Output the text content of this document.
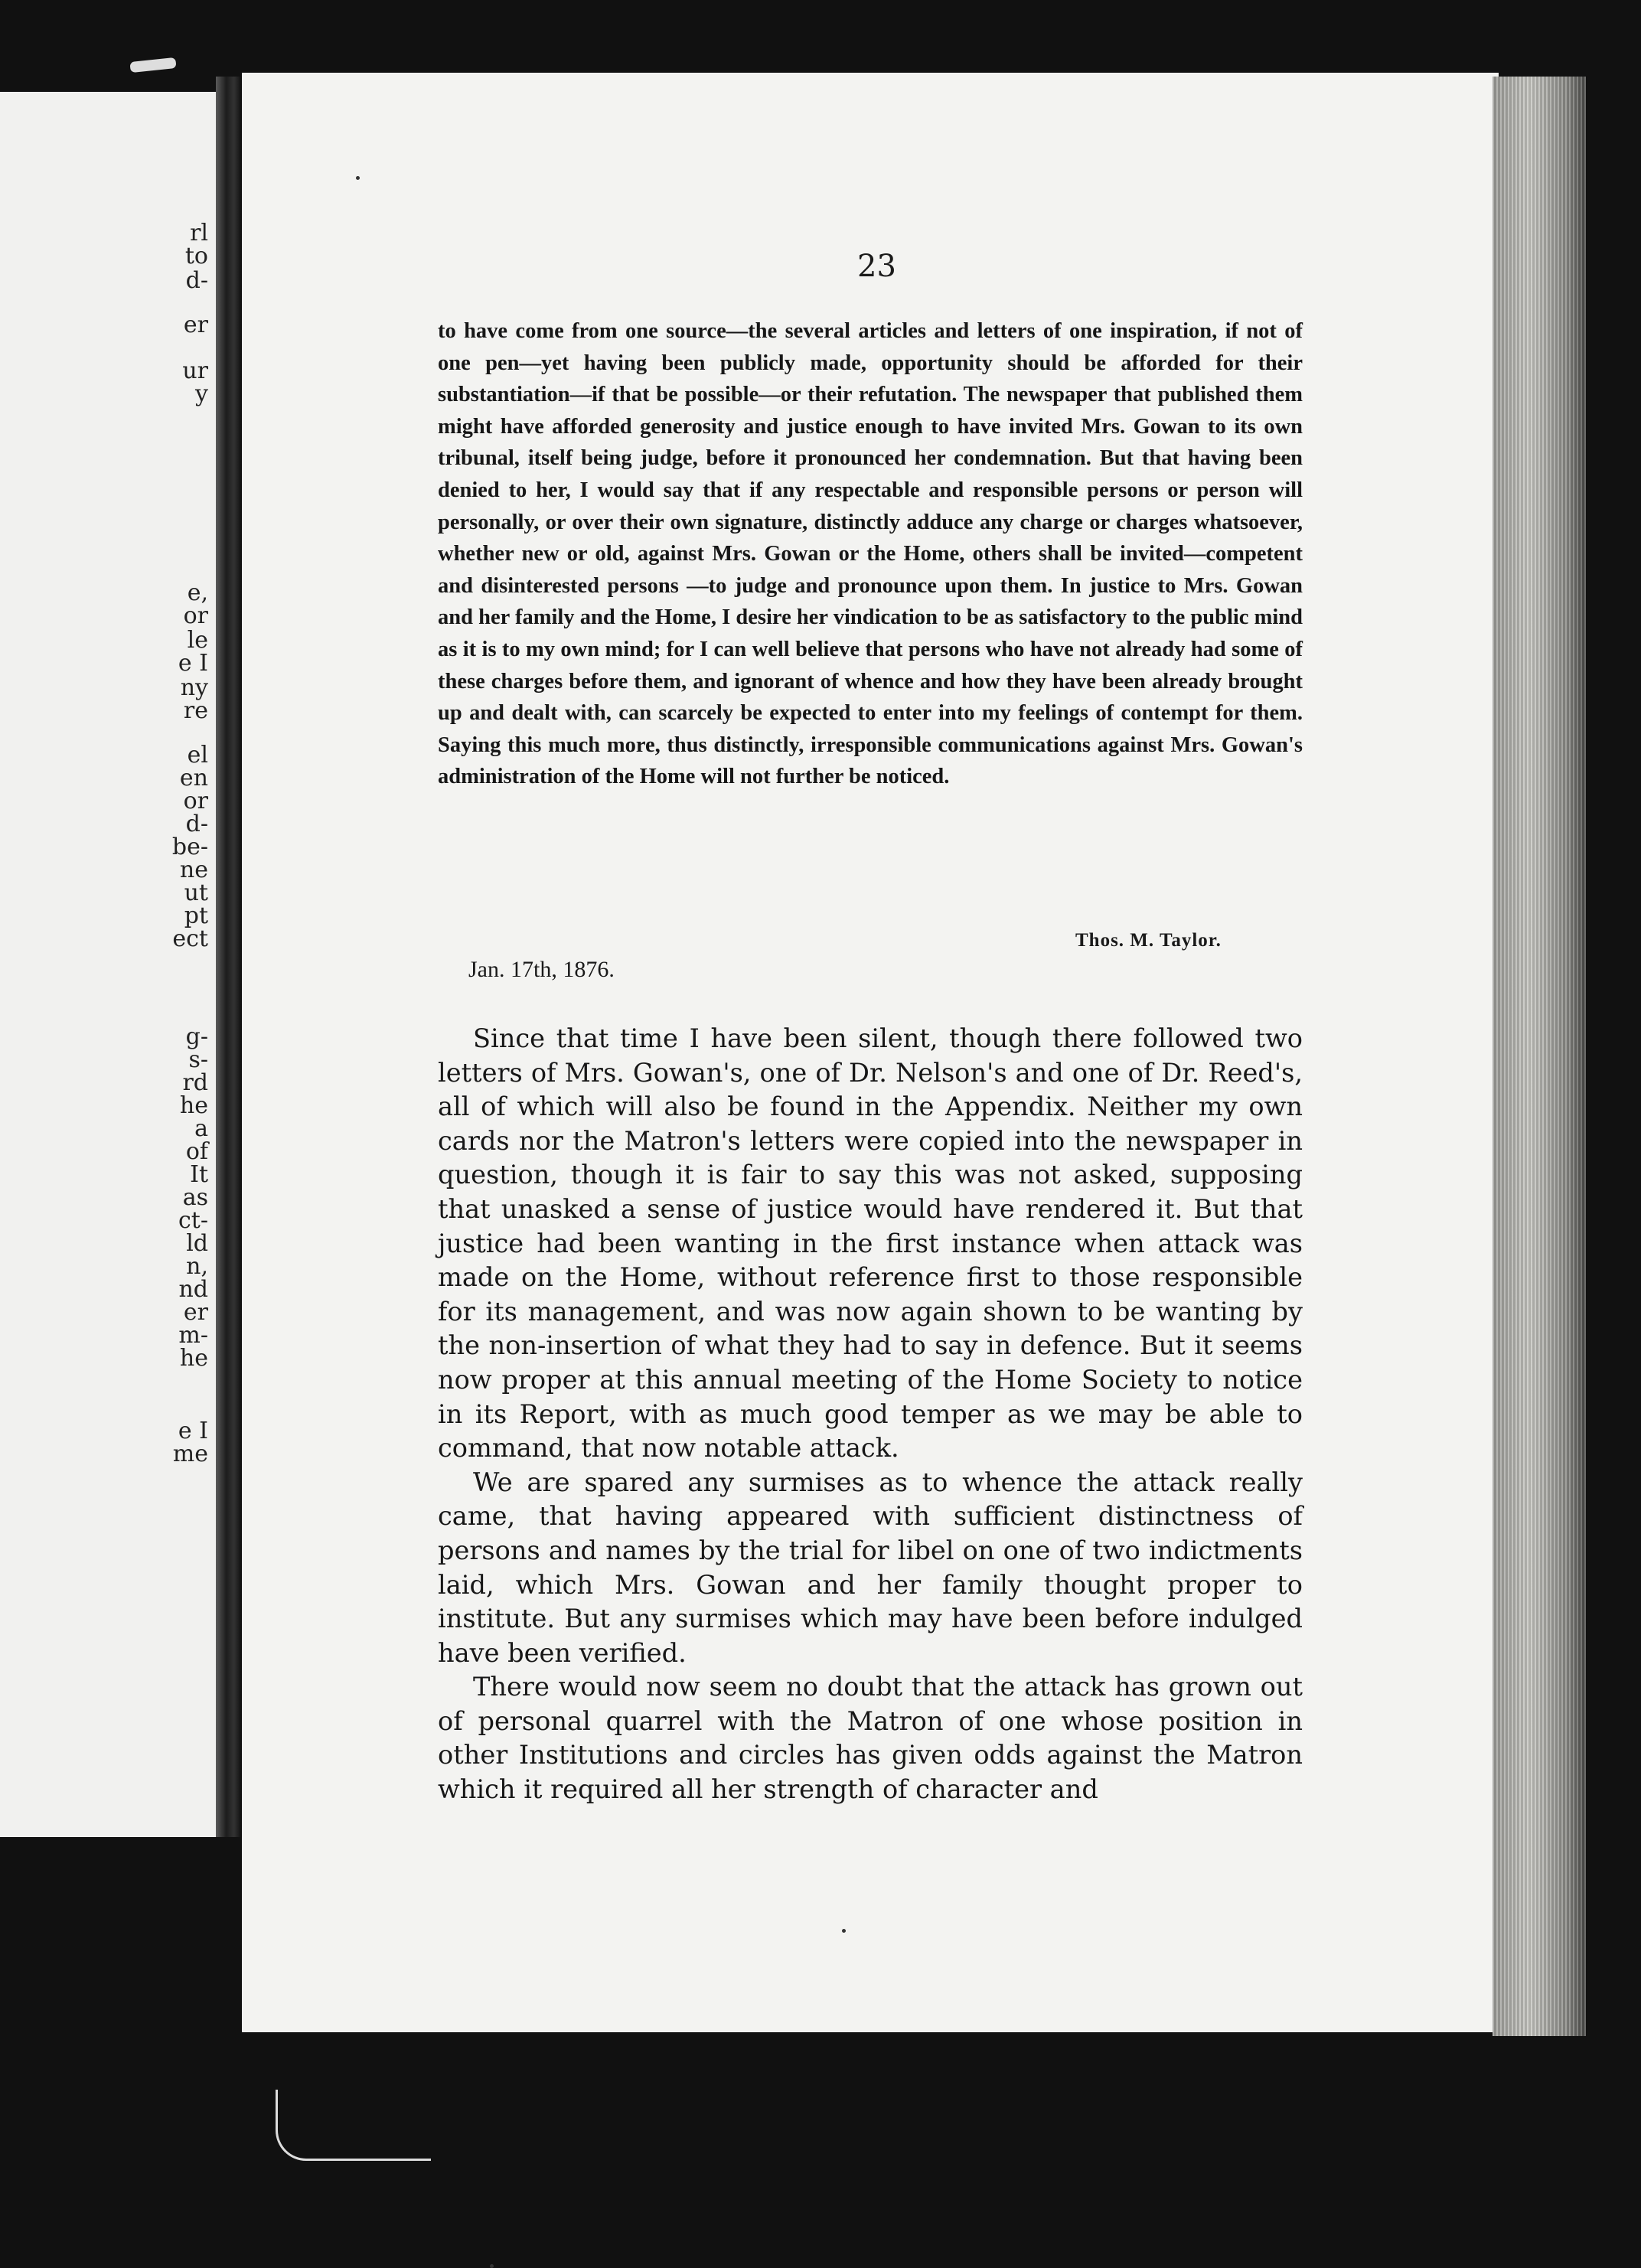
rl
to
d-
er
ur
y
e,
or
le
e I
ny
re
el
en
or
d-
be-
ne
ut
pt
ect
g-
s-
rd
he
a
of
It
as
ct-
ld
n,
nd
er
m-
he
e I
me
23
to have come from one source—the several articles and letters of one inspiration, if not of one pen—yet having been publicly made, opportunity should be afforded for their substantiation—if that be possible—or their refutation. The newspaper that published them might have afforded generosity and justice enough to have invited Mrs. Gowan to its own tribunal, itself being judge, before it pronounced her condemnation. But that having been denied to her, I would say that if any respectable and responsible persons or person will personally, or over their own signature, distinctly adduce any charge or charges whatsoever, whether new or old, against Mrs. Gowan or the Home, others shall be invited—competent and disinterested persons —to judge and pronounce upon them. In justice to Mrs. Gowan and her family and the Home, I desire her vindication to be as satisfactory to the public mind as it is to my own mind; for I can well believe that persons who have not already had some of these charges before them, and ignorant of whence and how they have been already brought up and dealt with, can scarcely be expected to enter into my feelings of contempt for them. Saying this much more, thus distinctly, irresponsible communications against Mrs. Gowan's administration of the Home will not further be noticed.
Thos. M. Taylor.
Jan. 17th, 1876.

Since that time I have been silent, though there followed two letters of Mrs. Gowan's, one of Dr. Nelson's and one of Dr. Reed's, all of which will also be found in the Appendix. Neither my own cards nor the Matron's letters were copied into the newspaper in question, though it is fair to say this was not asked, supposing that unasked a sense of justice would have rendered it. But that justice had been wanting in the first instance when attack was made on the Home, without reference first to those responsible for its management, and was now again shown to be wanting by the non-insertion of what they had to say in defence. But it seems now proper at this annual meeting of the Home Society to notice in its Report, with as much good temper as we may be able to command, that now notable attack.

We are spared any surmises as to whence the attack really came, that having appeared with sufficient distinctness of persons and names by the trial for libel on one of two indictments laid, which Mrs. Gowan and her family thought proper to institute. But any surmises which may have been before indulged have been verified.

There would now seem no doubt that the attack has grown out of personal quarrel with the Matron of one whose position in other Institutions and circles has given odds against the Matron which it required all her strength of character and
